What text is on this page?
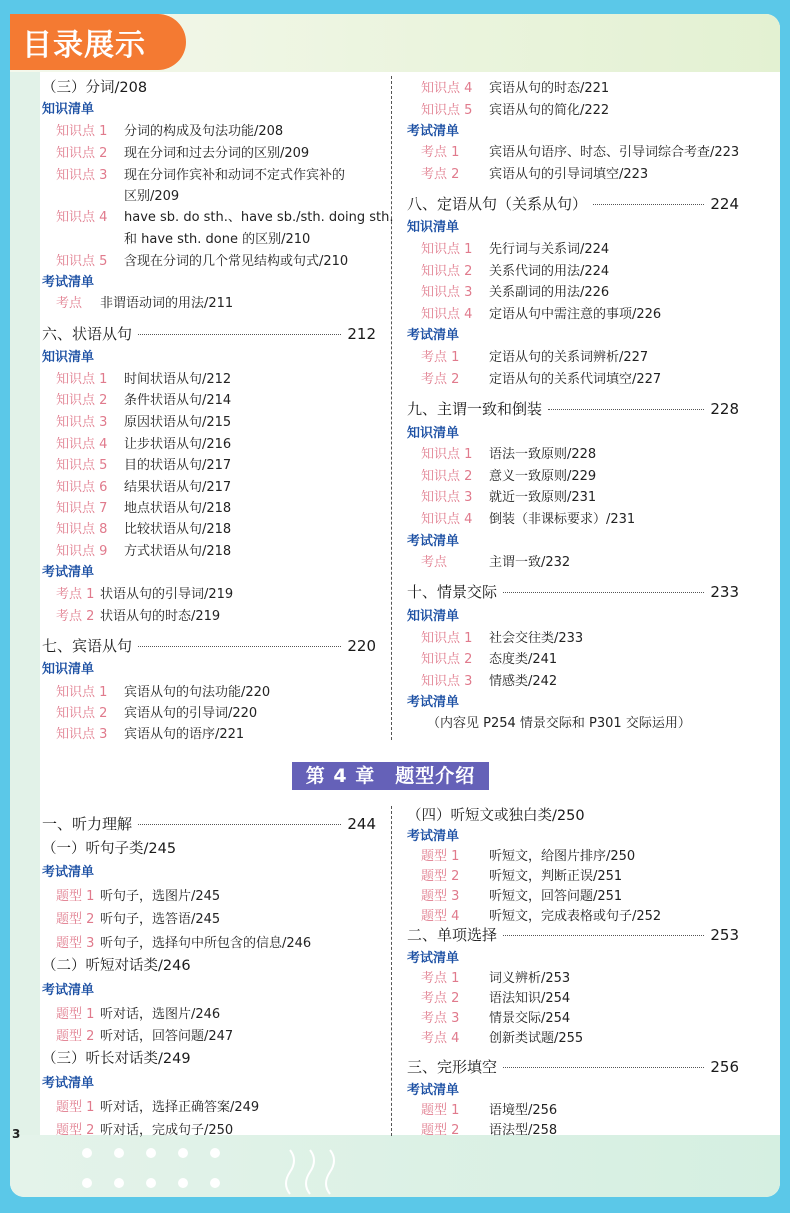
目录展示
（三）分词/208
知识清单
知识点 1 分词的构成及句法功能/208
知识点 2 现在分词和过去分词的区别/209
知识点 3 现在分词作宾补和动词不定式作宾补的
区别/209
知识点 4 have sb. do sth.、have sb./sth. doing sth.
和 have sth. done 的区别/210
知识点 5 含现在分词的几个常见结构或句式/210
考试清单
考点 非谓语动词的用法/211
六、状语从句	212
知识清单
知识点 1 时间状语从句/212
知识点 2 条件状语从句/214
知识点 3 原因状语从句/215
知识点 4 让步状语从句/216
知识点 5 目的状语从句/217
知识点 6 结果状语从句/217
知识点 7 地点状语从句/218
知识点 8 比较状语从句/218
知识点 9 方式状语从句/218
考试清单
考点 1 状语从句的引导词/219
考点 2 状语从句的时态/219
七、宾语从句	220
知识清单
知识点 1 宾语从句的句法功能/220
知识点 2 宾语从句的引导词/220
知识点 3 宾语从句的语序/221
知识点 4 宾语从句的时态/221
知识点 5 宾语从句的简化/222
考试清单
考点 1 宾语从句语序、时态、引导词综合考查/223
考点 2 宾语从句的引导词填空/223
八、定语从句（关系从句）	224
知识清单
知识点 1 先行词与关系词/224
知识点 2 关系代词的用法/224
知识点 3 关系副词的用法/226
知识点 4 定语从句中需注意的事项/226
考试清单
考点 1 定语从句的关系词辨析/227
考点 2 定语从句的关系代词填空/227
九、主谓一致和倒装	228
知识清单
知识点 1 语法一致原则/228
知识点 2 意义一致原则/229
知识点 3 就近一致原则/231
知识点 4 倒装（非课标要求）/231
考试清单
考点	主谓一致/232
十、情景交际	233
知识清单
知识点 1 社会交往类/233
知识点 2 态度类/241
知识点 3 情感类/242
考试清单
（内容见 P254 情景交际和 P301 交际运用）
一、听力理解	244
（一）听句子类/245
考试清单
题型 1 听句子，选图片/245
题型 2 听句子，选答语/245
题型 3 听句子，选择句中所包含的信息/246
（二）听短对话类/246
考试清单
题型 1 听对话，选图片/246
题型 2 听对话，回答问题/247
（三）听长对话类/249
考试清单
题型 1 听对话，选择正确答案/249
题型 2 听对话，完成句子/250
（四）听短文或独白类/250
考试清单
题型 1 听短文，给图片排序/250
题型 2 听短文，判断正误/251
题型 3 听短文，回答问题/251
题型 4 听短文，完成表格或句子/252
二、单项选择	253
考试清单
考点 1 词义辨析/253
考点 2 语法知识/254
考点 3 情景交际/254
考点 4 创新类试题/255
三、完形填空	256
考试清单
题型 1 语境型/256
题型 2 语法型/258
第 4 章　题型介绍
3
